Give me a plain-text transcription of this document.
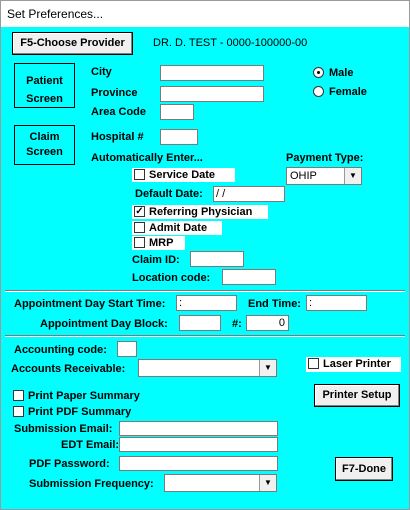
Set Preferences...
F5-Choose Provider	DR. D. TEST - 0000-100000-00
Patient Screen
City
Province
Area Code
Male
Female
Claim Screen
Hospital #
Automatically Enter...	Payment Type:
Service Date	OHIP	▼
Default Date: / /
✓ Referring Physician
Admit Date
MRP
Claim ID:
Location code:
Appointment Day Start Time: :	End Time: :
Appointment Day Block:	#:	0
Accounting code:
Accounts Receivable:	▼	Laser Printer
Print Paper Summary	Printer Setup
Print PDF Summary
Submission Email:
EDT Email:
PDF Password:	F7-Done
Submission Frequency:	▼
